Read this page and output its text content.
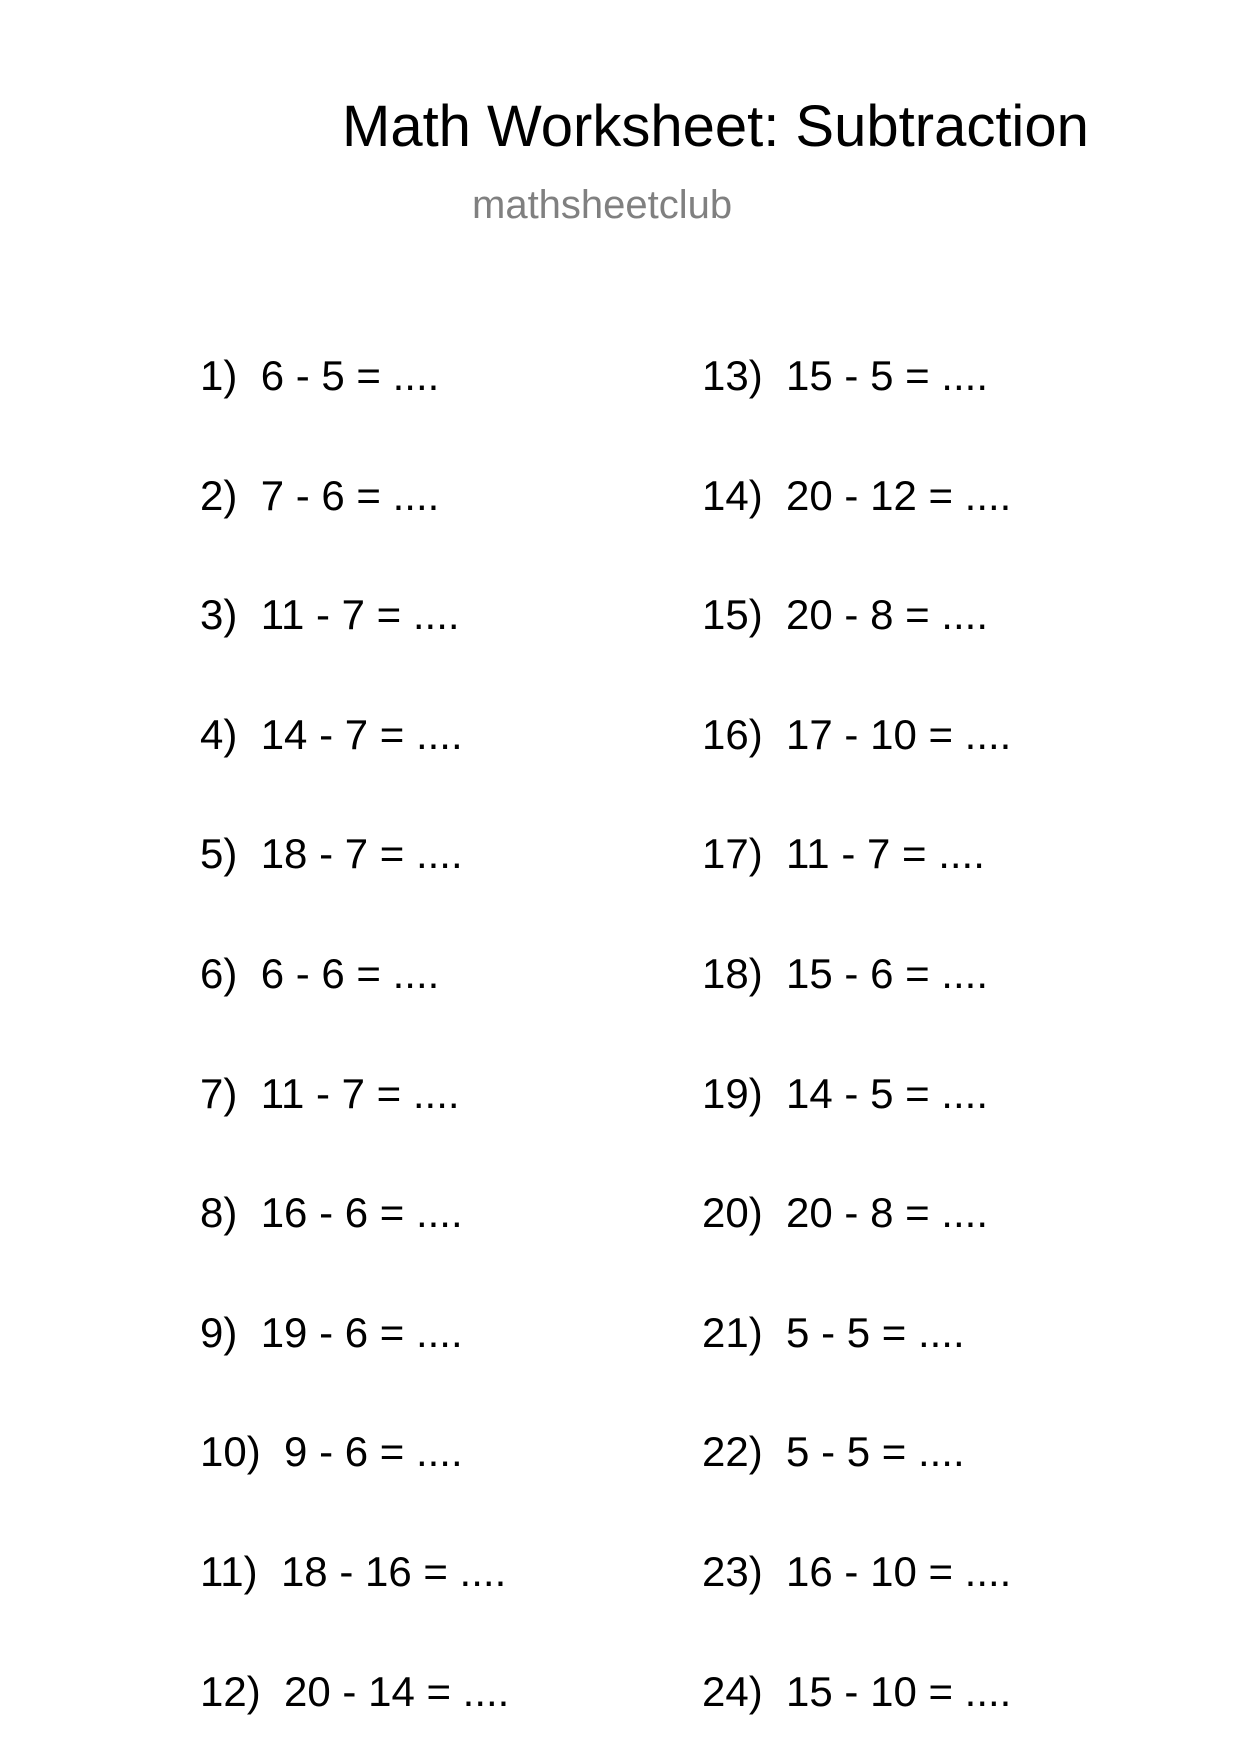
Math Worksheet: Subtraction
mathsheetclub
1) 6 - 5 = ....
2) 7 - 6 = ....
3) 11 - 7 = ....
4) 14 - 7 = ....
5) 18 - 7 = ....
6) 6 - 6 = ....
7) 11 - 7 = ....
8) 16 - 6 = ....
9) 19 - 6 = ....
10) 9 - 6 = ....
11) 18 - 16 = ....
12) 20 - 14 = ....
13) 15 - 5 = ....
14) 20 - 12 = ....
15) 20 - 8 = ....
16) 17 - 10 = ....
17) 11 - 7 = ....
18) 15 - 6 = ....
19) 14 - 5 = ....
20) 20 - 8 = ....
21) 5 - 5 = ....
22) 5 - 5 = ....
23) 16 - 10 = ....
24) 15 - 10 = ....
